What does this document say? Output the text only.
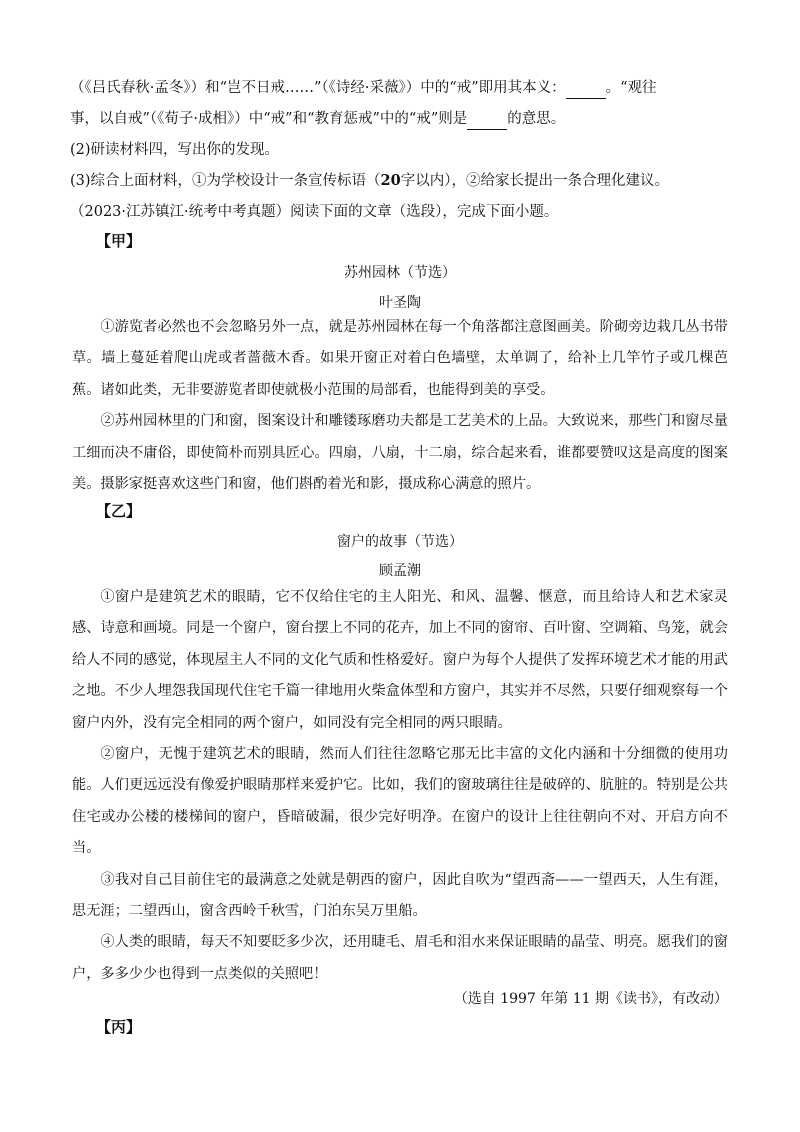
（《吕氏春秋·孟冬》）和“岂不日戒……”（《诗经·采薇》）中的“戒”即用其本义：	。“观往
事，以自戒”（《荀子·成相》）中“戒”和“教育惩戒”中的“戒”则是	的意思。
(2)研读材料四，写出你的发现。
(3)综合上面材料，①为学校设计一条宣传标语（20字以内），②给家长提出一条合理化建议。
（2023·江苏镇江·统考中考真题）阅读下面的文章（选段），完成下面小题。
【甲】
苏州园林（节选）
叶圣陶

①游览者必然也不会忽略另外一点，就是苏州园林在每一个角落都注意图画美。阶砌旁边栽几丛书带草。墙上蔓延着爬山虎或者蔷薇木香。如果开窗正对着白色墙壁，太单调了，给补上几竿竹子或几棵芭蕉。诸如此类，无非要游览者即使就极小范围的局部看，也能得到美的享受。

②苏州园林里的门和窗，图案设计和雕镂琢磨功夫都是工艺美术的上品。大致说来，那些门和窗尽量工细而决不庸俗，即使简朴而别具匠心。四扇，八扇，十二扇，综合起来看，谁都要赞叹这是高度的图案美。摄影家挺喜欢这些门和窗，他们斟酌着光和影，摄成称心满意的照片。

【乙】
窗户的故事（节选）
顾孟潮

①窗户是建筑艺术的眼睛，它不仅给住宅的主人阳光、和风、温馨、惬意，而且给诗人和艺术家灵感、诗意和画境。同是一个窗户，窗台摆上不同的花卉，加上不同的窗帘、百叶窗、空调箱、鸟笼，就会给人不同的感觉，体现屋主人不同的文化气质和性格爱好。窗户为每个人提供了发挥环境艺术才能的用武之地。不少人埋怨我国现代住宅千篇一律地用火柴盒体型和方窗户，其实并不尽然，只要仔细观察每一个窗户内外，没有完全相同的两个窗户，如同没有完全相同的两只眼睛。

②窗户，无愧于建筑艺术的眼睛，然而人们往往忽略它那无比丰富的文化内涵和十分细微的使用功能。人们更远远没有像爱护眼睛那样来爱护它。比如，我们的窗玻璃往往是破碎的、肮脏的。特别是公共住宅或办公楼的楼梯间的窗户，昏暗破漏，很少完好明净。在窗户的设计上往往朝向不对、开启方向不当。

③我对自己目前住宅的最满意之处就是朝西的窗户，因此自吹为“望西斋——一望西天，人生有涯，思无涯；二望西山，窗含西岭千秋雪，门泊东吴万里船。

④人类的眼睛，每天不知要眨多少次，还用睫毛、眉毛和泪水来保证眼睛的晶莹、明亮。愿我们的窗户，多多少少也得到一点类似的关照吧！

（选自 1997 年第 11 期《读书》，有改动）
【丙】
